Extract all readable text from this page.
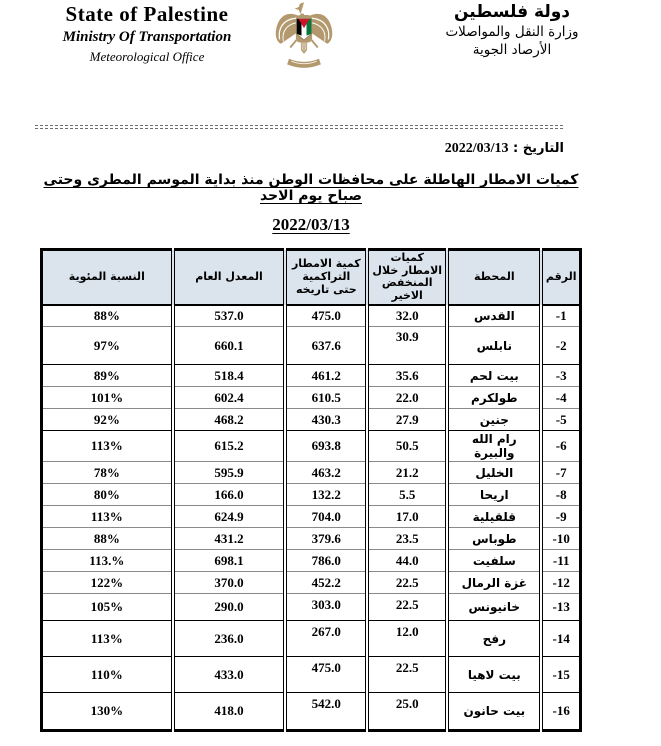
State of Palestine
Ministry Of Transportation
Meteorological Office
دولة فلسطين
وزارة النقل والمواصلات
الأرصاد الجوية
التاريخ : 2022/03/13
كميات الامطار الهاطلة على محافظات الوطن منذ بداية الموسم المطرى وحتى صباح يوم الاحد
2022/03/13
النسبة المئوية	المعدل العام	كمية الامطار التراكمية حتى تاريخه	كميات الامطار خلال المنخفض الاخير	المحطة	الرقم
88%	537.0	475.0	32.0	القدس	-1
97%	660.1	637.6	30.9	نابلس	-2
89%	518.4	461.2	35.6	بيت لحم	-3
101%	602.4	610.5	22.0	طولكرم	-4
92%	468.2	430.3	27.9	جنين	-5
113%	615.2	693.8	50.5	رام الله والبيرة	-6
78%	595.9	463.2	21.2	الخليل	-7
80%	166.0	132.2	5.5	اريحا	-8
113%	624.9	704.0	17.0	قلقيلية	-9
88%	431.2	379.6	23.5	طوباس	-10
113.%	698.1	786.0	44.0	سلفيت	-11
122%	370.0	452.2	22.5	غزة الرمال	-12
105%	290.0	303.0	22.5	خانيونس	-13
113%	236.0	267.0	12.0	رفح	-14
110%	433.0	475.0	22.5	بيت لاهيا	-15
130%	418.0	542.0	25.0	بيت حانون	-16
